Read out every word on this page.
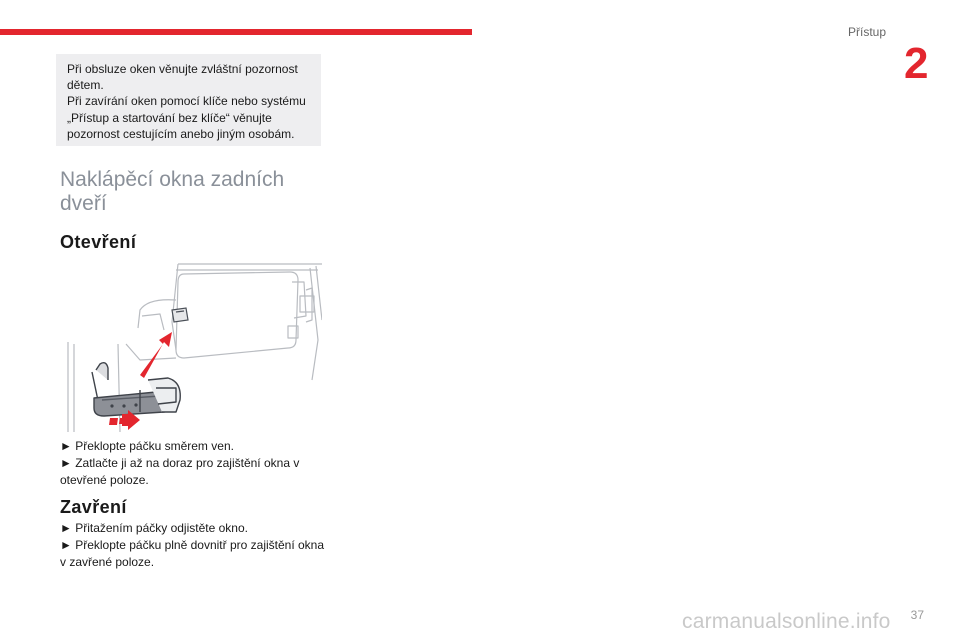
Přístup
2

Při obsluze oken věnujte zvláštní pozornost dětem.

Při zavírání oken pomocí klíče nebo systému „Přístup a startování bez klíče“ věnujte pozornost cestujícím anebo jiným osobám.

Naklápěcí okna zadních dveří
Otevření

► Překlopte páčku směrem ven.

► Zatlačte ji až na doraz pro zajištění okna v otevřené poloze.

Zavření

► Přitažením páčky odjistěte okno.

► Překlopte páčku plně dovnitř pro zajištění okna v zavřené poloze.

37
carmanualsonline.info
